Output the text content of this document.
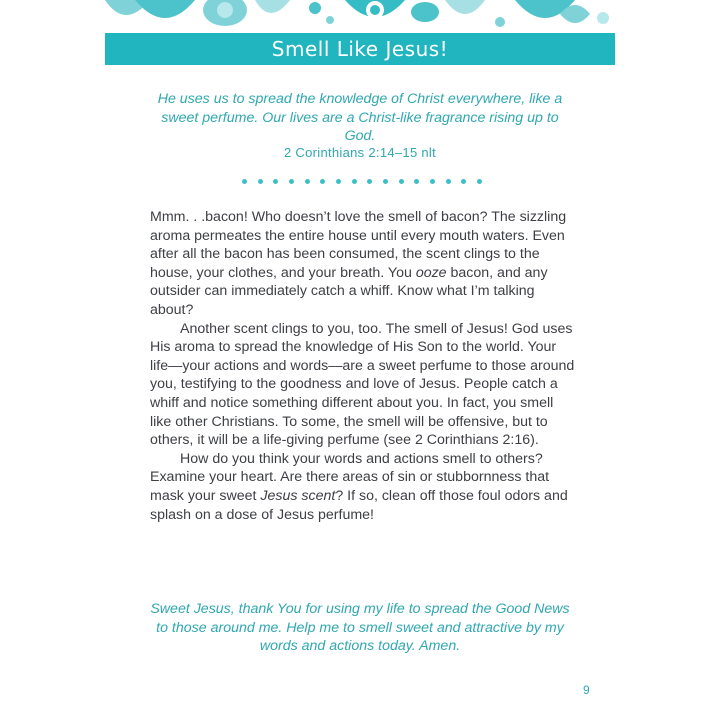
Smell Like Jesus!
He uses us to spread the knowledge of Christ everywhere, like a sweet perfume. Our lives are a Christ-like fragrance rising up to God.
2 Corinthians 2:14–15 nlt

Mmm. . .bacon! Who doesn’t love the smell of bacon? The sizzling aroma permeates the entire house until every mouth waters. Even after all the bacon has been consumed, the scent clings to the house, your clothes, and your breath. You ooze bacon, and any outsider can immediately catch a whiff. Know what I’m talking about?

Another scent clings to you, too. The smell of Jesus! God uses His aroma to spread the knowledge of His Son to the world. Your life—your actions and words—are a sweet perfume to those around you, testifying to the goodness and love of Jesus. People catch a whiff and notice something different about you. In fact, you smell like other Christians. To some, the smell will be offensive, but to others, it will be a life-giving perfume (see 2 Corinthians 2:16).

How do you think your words and actions smell to others? Examine your heart. Are there areas of sin or stubbornness that mask your sweet Jesus scent? If so, clean off those foul odors and splash on a dose of Jesus perfume!

Sweet Jesus, thank You for using my life to spread the Good News to those around me. Help me to smell sweet and attractive by my words and actions today. Amen.
9
